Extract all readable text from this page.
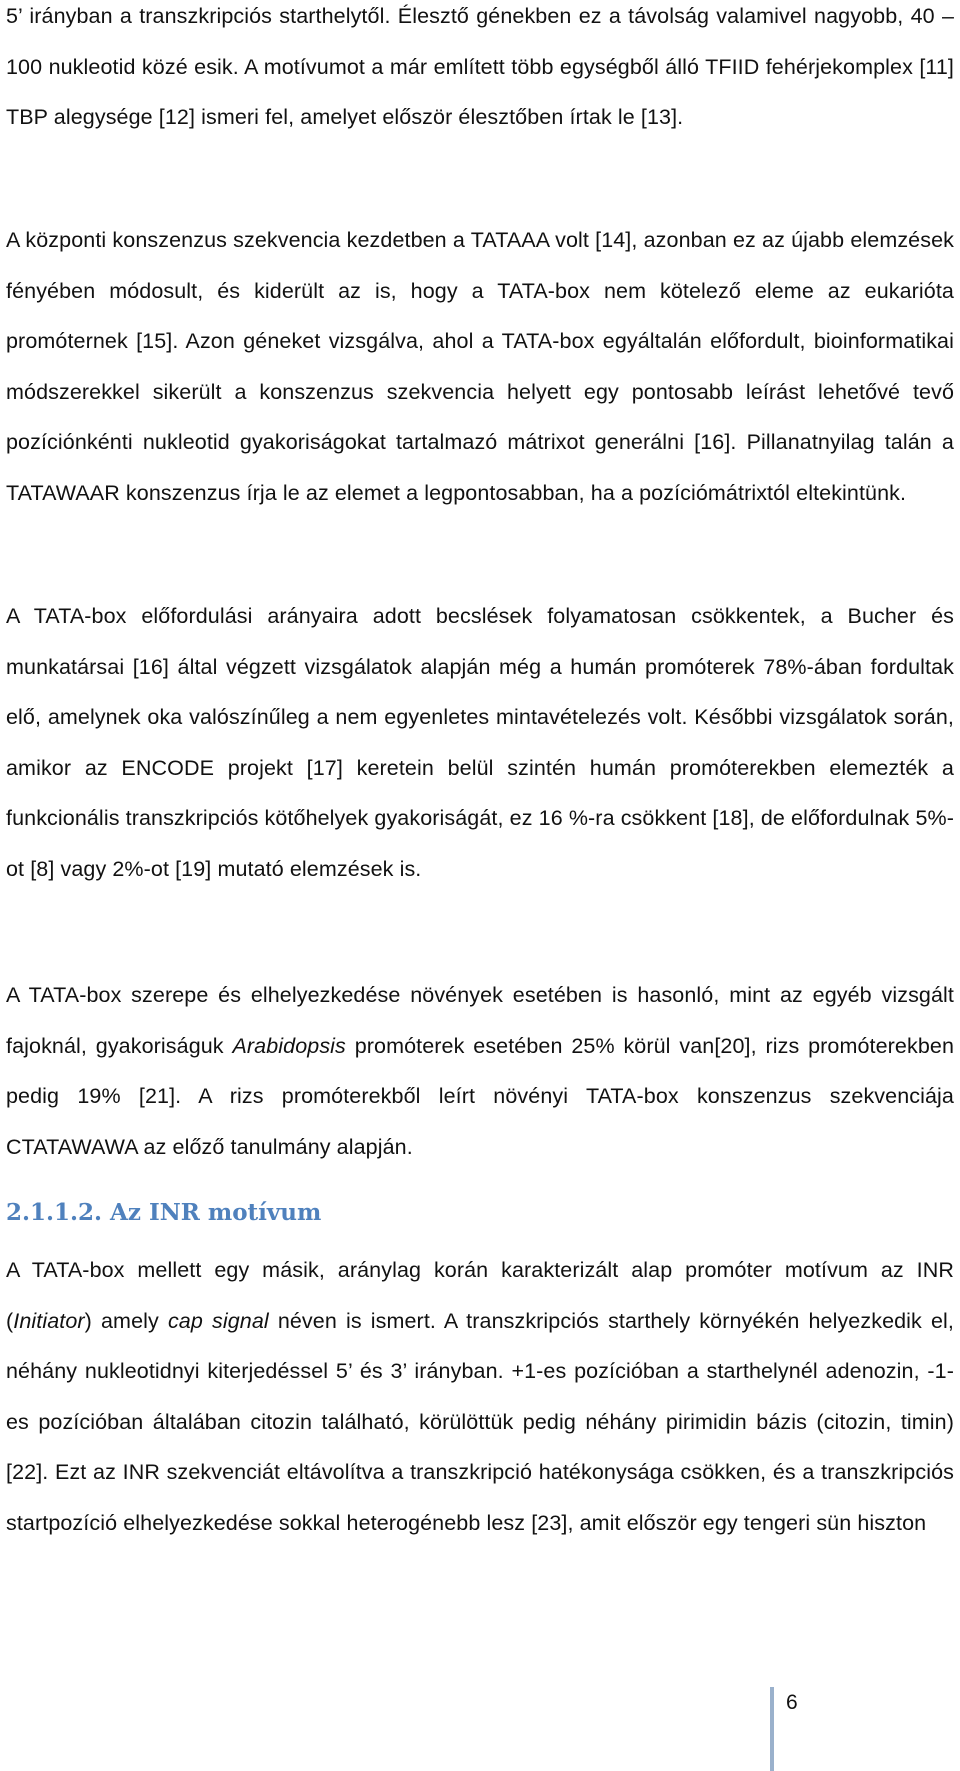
5’ irányban a transzkripciós starthelytől. Élesztő génekben ez a távolság valamivel nagyobb, 40 – 100 nukleotid közé esik. A motívumot a már említett több egységből álló TFIID fehérjekomplex [11] TBP alegysége [12] ismeri fel, amelyet először élesztőben írtak le [13].
A központi konszenzus szekvencia kezdetben a TATAAA volt [14], azonban ez az újabb elemzések fényében módosult, és kiderült az is, hogy a TATA-box nem kötelező eleme az eukarióta promóternek [15]. Azon géneket vizsgálva, ahol a TATA-box egyáltalán előfordult, bioinformatikai módszerekkel sikerült a konszenzus szekvencia helyett egy pontosabb leírást lehetővé tevő pozíciónkénti nukleotid gyakoriságokat tartalmazó mátrixot generálni [16]. Pillanatnyilag talán a TATAWAAR konszenzus írja le az elemet a legpontosabban, ha a pozíciómátrixtól eltekintünk.
A TATA-box előfordulási arányaira adott becslések folyamatosan csökkentek, a Bucher és munkatársai [16] által végzett vizsgálatok alapján még a humán promóterek 78%-ában fordultak elő, amelynek oka valószínűleg a nem egyenletes mintavételezés volt. Későbbi vizsgálatok során, amikor az ENCODE projekt [17] keretein belül szintén humán promóterekben elemezték a funkcionális transzkripciós kötőhelyek gyakoriságát, ez 16 %-ra csökkent [18], de előfordulnak 5%-ot [8] vagy 2%-ot [19] mutató elemzések is.
A TATA-box szerepe és elhelyezkedése növények esetében is hasonló, mint az egyéb vizsgált fajoknál, gyakoriságuk Arabidopsis promóterek esetében 25% körül van[20], rizs promóterekben pedig 19% [21]. A rizs promóterekből leírt növényi TATA-box konszenzus szekvenciája CTATAWAWA az előző tanulmány alapján.
2.1.1.2. Az INR motívum
A TATA-box mellett egy másik, aránylag korán karakterizált alap promóter motívum az INR (Initiator) amely cap signal néven is ismert. A transzkripciós starthely környékén helyezkedik el, néhány nukleotidnyi kiterjedéssel 5’ és 3’ irányban. +1-es pozícióban a starthelynél adenozin, -1-es pozícióban általában citozin található, körülöttük pedig néhány pirimidin bázis (citozin, timin) [22]. Ezt az INR szekvenciát eltávolítva a transzkripció hatékonysága csökken, és a transzkripciós startpozíció elhelyezkedése sokkal heterogénebb lesz [23], amit először egy tengeri sün hiszton
6
